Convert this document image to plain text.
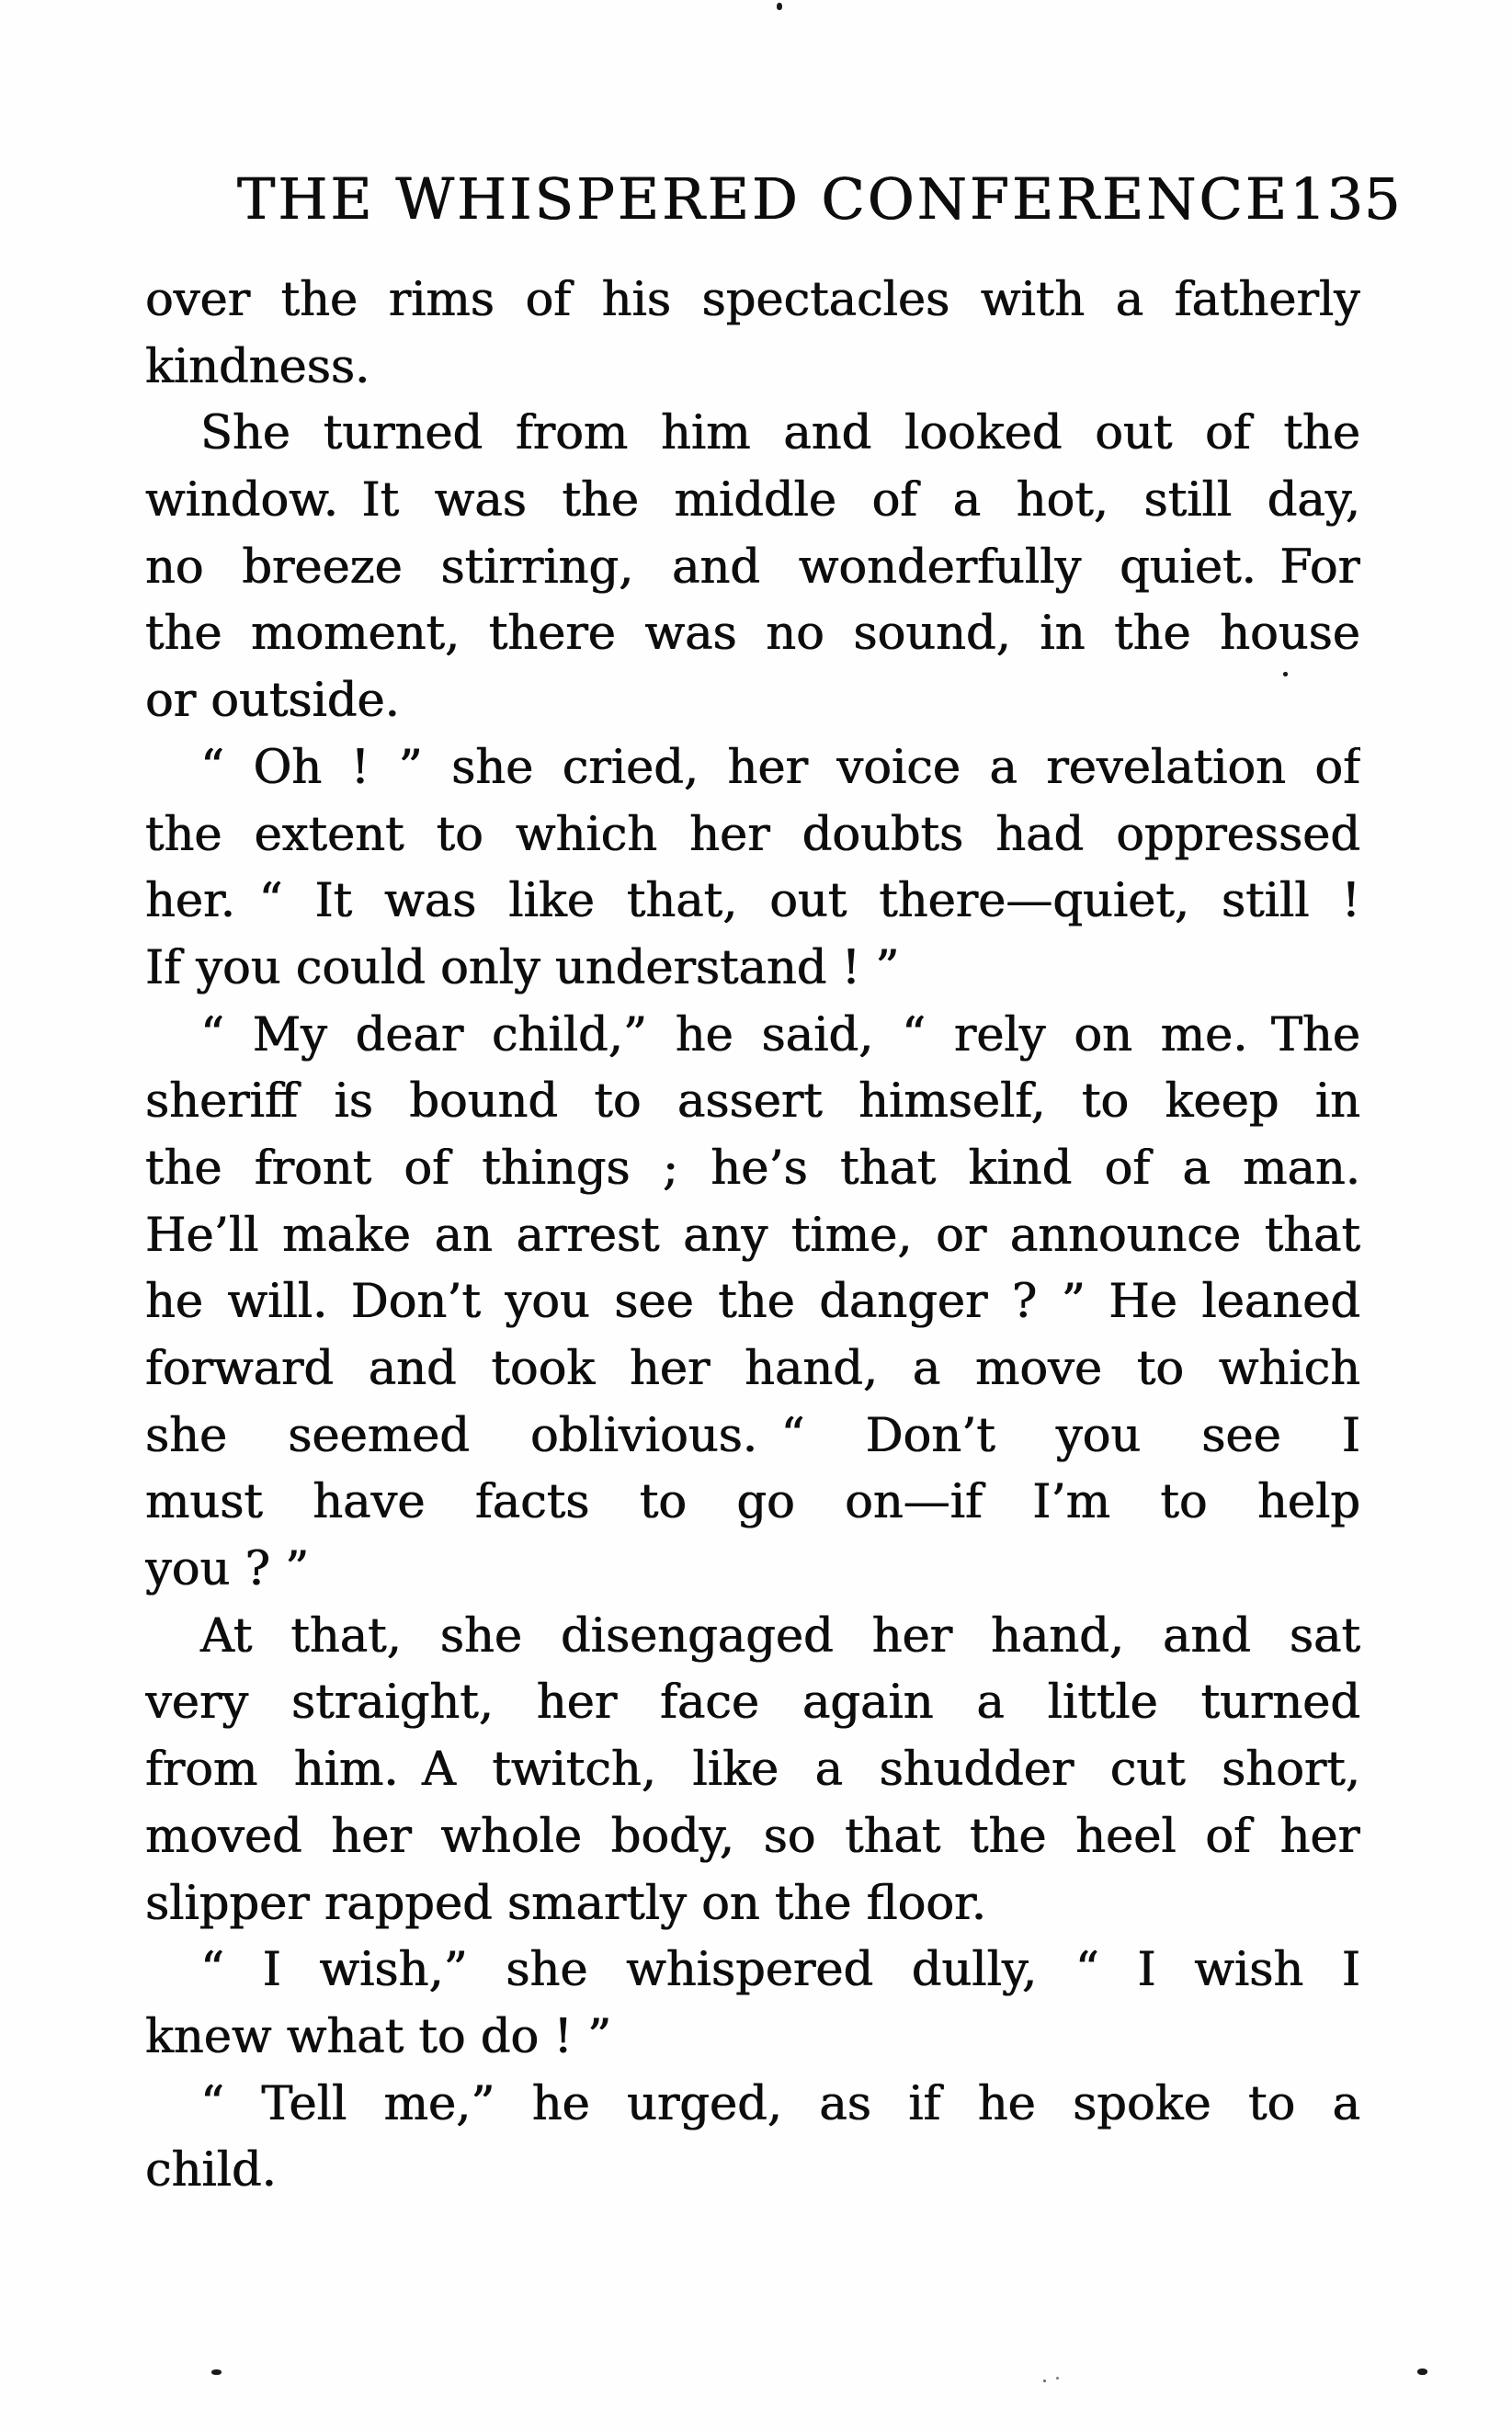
THE WHISPERED CONFERENCE 135
over the rims of his spectacles with a fatherly
kindness.
She turned from him and looked out of the
window. It was the middle of a hot, still day,
no breeze stirring, and wonderfully quiet. For
the moment, there was no sound, in the house
or outside.
“ Oh ! ” she cried, her voice a revelation of
the extent to which her doubts had oppressed
her. “ It was like that, out there—quiet, still !
If you could only understand ! ”
“ My dear child,” he said, “ rely on me. The
sheriff is bound to assert himself, to keep in
the front of things ; he’s that kind of a man.
He’ll make an arrest any time, or announce that
he will. Don’t you see the danger ? ” He leaned
forward and took her hand, a move to which
she seemed oblivious. “ Don’t you see I
must have facts to go on—if I’m to help
you ? ”
At that, she disengaged her hand, and sat
very straight, her face again a little turned
from him. A twitch, like a shudder cut short,
moved her whole body, so that the heel of her
slipper rapped smartly on the floor.
“ I wish,” she whispered dully, “ I wish I
knew what to do ! ”
“ Tell me,” he urged, as if he spoke to a
child.
